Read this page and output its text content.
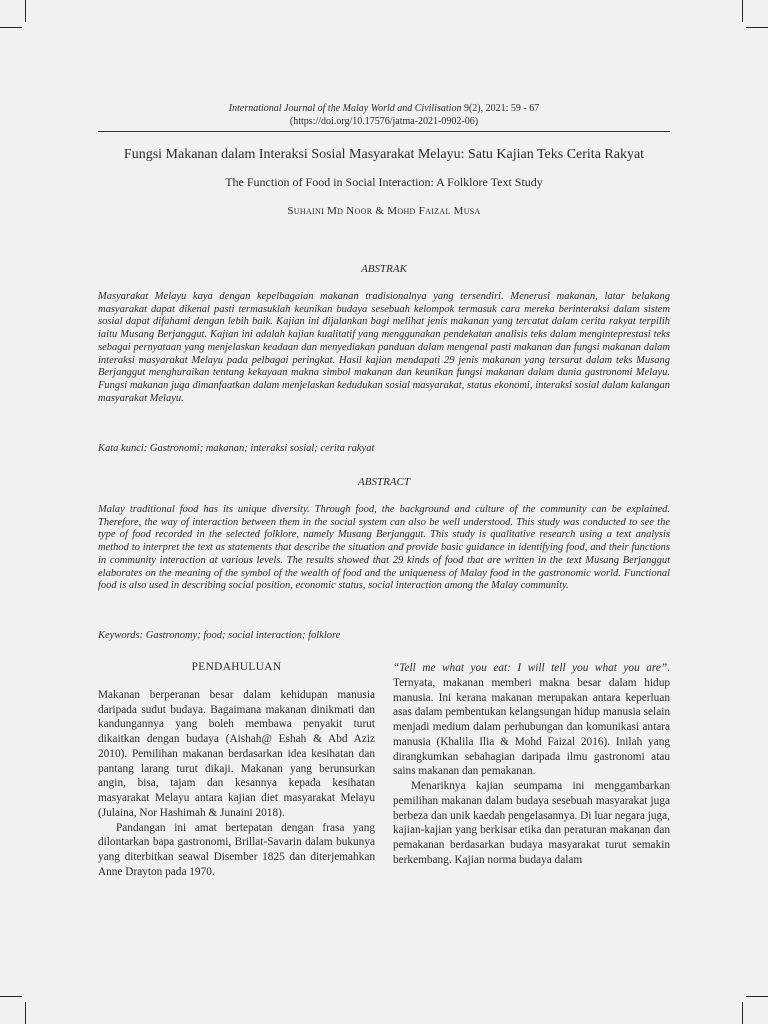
International Journal of the Malay World and Civilisation 9(2), 2021: 59 - 67
(https://doi.org/10.17576/jatma-2021-0902-06)
Fungsi Makanan dalam Interaksi Sosial Masyarakat Melayu: Satu Kajian Teks Cerita Rakyat
The Function of Food in Social Interaction: A Folklore Text Study
Suhaini Md Noor & Mohd Faizal Musa
ABSTRAK

Masyarakat Melayu kaya dengan kepelbagaian makanan tradisionalnya yang tersendiri. Menerusi makanan, latar belakang masyarakat dapat dikenal pasti termasuklah keunikan budaya sesebuah kelompok termasuk cara mereka berinteraksi dalam sistem sosial dapat difahami dengan lebih baik. Kajian ini dijalankan bagi melihat jenis makanan yang tercatat dalam cerita rakyat terpilih iaitu Musang Berjanggut. Kajian ini adalah kajian kualitatif yang menggunakan pendekatan analisis teks dalam menginteprestasi teks sebagai pernyataan yang menjelaskan keadaan dan menyediakan panduan dalam mengenal pasti makanan dan fungsi makanan dalam interaksi masyarakat Melayu pada pelbagai peringkat. Hasil kajian mendapati 29 jenis makanan yang tersurat dalam teks Musang Berjanggut menghuraikan tentang kekayaan makna simbol makanan dan keunikan fungsi makanan dalam dunia gastronomi Melayu. Fungsi makanan juga dimanfaatkan dalam menjelaskan kedudukan sosial masyarakat, status ekonomi, interaksi sosial dalam kalangan masyarakat Melayu.

Kata kunci: Gastronomi; makanan; interaksi sosial; cerita rakyat
ABSTRACT

Malay traditional food has its unique diversity. Through food, the background and culture of the community can be explained. Therefore, the way of interaction between them in the social system can also be well understood. This study was conducted to see the type of food recorded in the selected folklore, namely Musang Berjanggut. This study is qualitative research using a text analysis method to interpret the text as statements that describe the situation and provide basic guidance in identifying food, and their functions in community interaction at various levels. The results showed that 29 kinds of food that are written in the text Musang Berjanggut elaborates on the meaning of the symbol of the wealth of food and the uniqueness of Malay food in the gastronomic world. Functional food is also used in describing social position, economic status, social interaction among the Malay community.

Keywords: Gastronomy; food; social interaction; folklore
PENDAHULUAN

Makanan berperanan besar dalam kehidupan manusia daripada sudut budaya. Bagaimana makanan dinikmati dan kandungannya yang boleh membawa penyakit turut dikaitkan dengan budaya (Aishah@ Eshah & Abd Aziz 2010). Pemilihan makanan berdasarkan idea kesihatan dan pantang larang turut dikaji. Makanan yang berunsurkan angin, bisa, tajam dan kesannya kepada kesihatan masyarakat Melayu antara kajian diet masyarakat Melayu (Julaina, Nor Hashimah & Junaini 2018).

Pandangan ini amat bertepatan dengan frasa yang dilontarkan bapa gastronomi, Brillat-Savarin dalam bukunya yang diterbitkan seawal Disember 1825 dan diterjemahkan Anne Drayton pada 1970.

“Tell me what you eat: I will tell you what you are”. Ternyata, makanan memberi makna besar dalam hidup manusia. Ini kerana makanan merupakan antara keperluan asas dalam pembentukan kelangsungan hidup manusia selain menjadi medium dalam perhubungan dan komunikasi antara manusia (Khalila Ilia & Mohd Faizal 2016). Inilah yang dirangkumkan sebahagian daripada ilmu gastronomi atau sains makanan dan pemakanan.

Menariknya kajian seumpama ini menggambarkan pemilihan makanan dalam budaya sesebuah masyarakat juga berbeza dan unik kaedah pengelasannya. Di luar negara juga, kajian-kajian yang berkisar etika dan peraturan makanan dan pemakanan berdasarkan budaya masyarakat turut semakin berkembang. Kajian norma budaya dalam
